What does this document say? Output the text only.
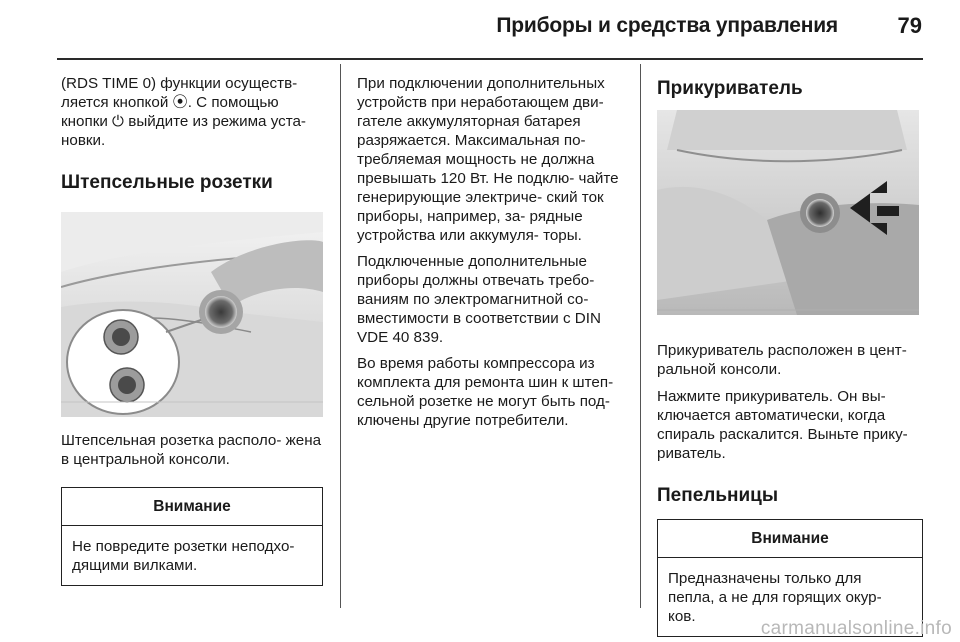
Приборы и средства управления	79

(RDS TIME 0) функции осуществ- ляется кнопкой ⦿. С помощью кнопки ⏻ выйдите из режима уста- новки.

Штепсельные розетки

Штепсельная розетка располо- жена в центральной консоли.

Внимание
Не повредите розетки неподхо- дящими вилками.

При подключении дополнительных устройств при неработающем дви- гателе аккумуляторная батарея разряжается. Максимальная по- требляемая мощность не должна превышать 120 Вт. Не подклю- чайте генерирующие электриче- ский ток приборы, например, за- рядные устройства или аккумуля- торы.

Подключенные дополнительные приборы должны отвечать требо- ваниям по электромагнитной со- вместимости в соответствии с DIN VDE 40 839.

Во время работы компрессора из комплекта для ремонта шин к штеп- сельной розетке не могут быть под- ключены другие потребители.

Прикуриватель

Прикуриватель расположен в цент- ральной консоли.

Нажмите прикуриватель. Он вы- ключается автоматически, когда спираль раскалится. Выньте прику- риватель.

Пепельницы

Внимание
Предназначены только для пепла, а не для горящих окур- ков.
carmanualsonline.info
